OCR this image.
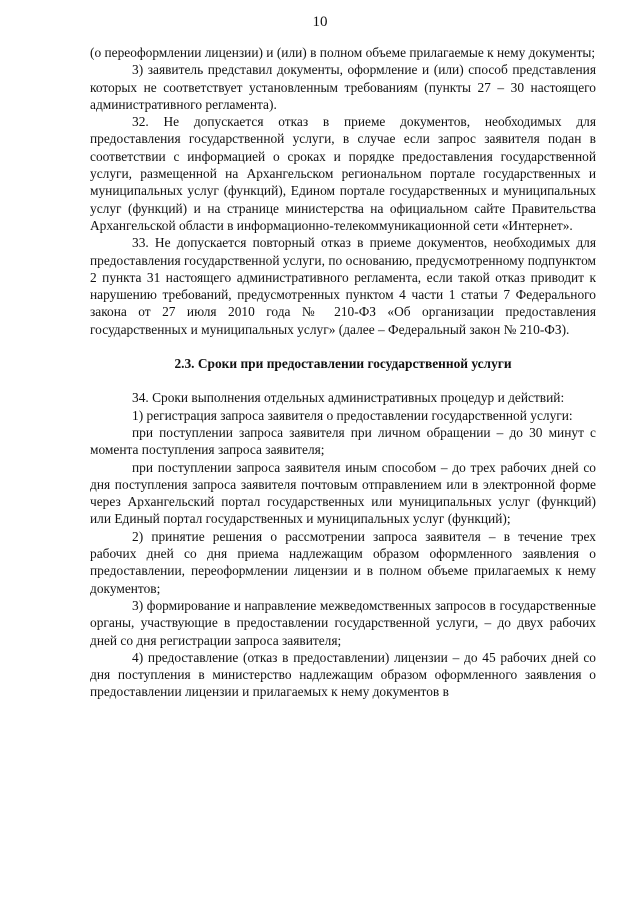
10

(о переоформлении лицензии) и (или) в полном объеме прилагаемые к нему документы;

3) заявитель представил документы, оформление и (или) способ представления которых не соответствует установленным требованиям (пункты 27 – 30 настоящего административного регламента).

32. Не допускается отказ в приеме документов, необходимых для предоставления государственной услуги, в случае если запрос заявителя подан в соответствии с информацией о сроках и порядке предоставления государственной услуги, размещенной на Архангельском региональном портале государственных и муниципальных услуг (функций), Едином портале государственных и муниципальных услуг (функций) и на странице министерства на официальном сайте Правительства Архангельской области в информационно-телекоммуникационной сети «Интернет».

33. Не допускается повторный отказ в приеме документов, необходимых для предоставления государственной услуги, по основанию, предусмотренному подпунктом 2 пункта 31 настоящего административного регламента, если такой отказ приводит к нарушению требований, предусмотренных пунктом 4 части 1 статьи 7 Федерального закона от 27 июля 2010 года № 210-ФЗ «Об организации предоставления государственных и муниципальных услуг» (далее – Федеральный закон № 210-ФЗ).

2.3. Сроки при предоставлении государственной услуги

34. Сроки выполнения отдельных административных процедур и действий:

1) регистрация запроса заявителя о предоставлении государственной услуги:

при поступлении запроса заявителя при личном обращении – до 30 минут с момента поступления запроса заявителя;

при поступлении запроса заявителя иным способом – до трех рабочих дней со дня поступления запроса заявителя почтовым отправлением или в электронной форме через Архангельский портал государственных или муниципальных услуг (функций) или Единый портал государственных и муниципальных услуг (функций);

2) принятие решения о рассмотрении запроса заявителя – в течение трех рабочих дней со дня приема надлежащим образом оформленного заявления о предоставлении, переоформлении лицензии и в полном объеме прилагаемых к нему документов;

3) формирование и направление межведомственных запросов в государственные органы, участвующие в предоставлении государственной услуги, – до двух рабочих дней со дня регистрации запроса заявителя;

4) предоставление (отказ в предоставлении) лицензии – до 45 рабочих дней со дня поступления в министерство надлежащим образом оформленного заявления о предоставлении лицензии и прилагаемых к нему документов в
